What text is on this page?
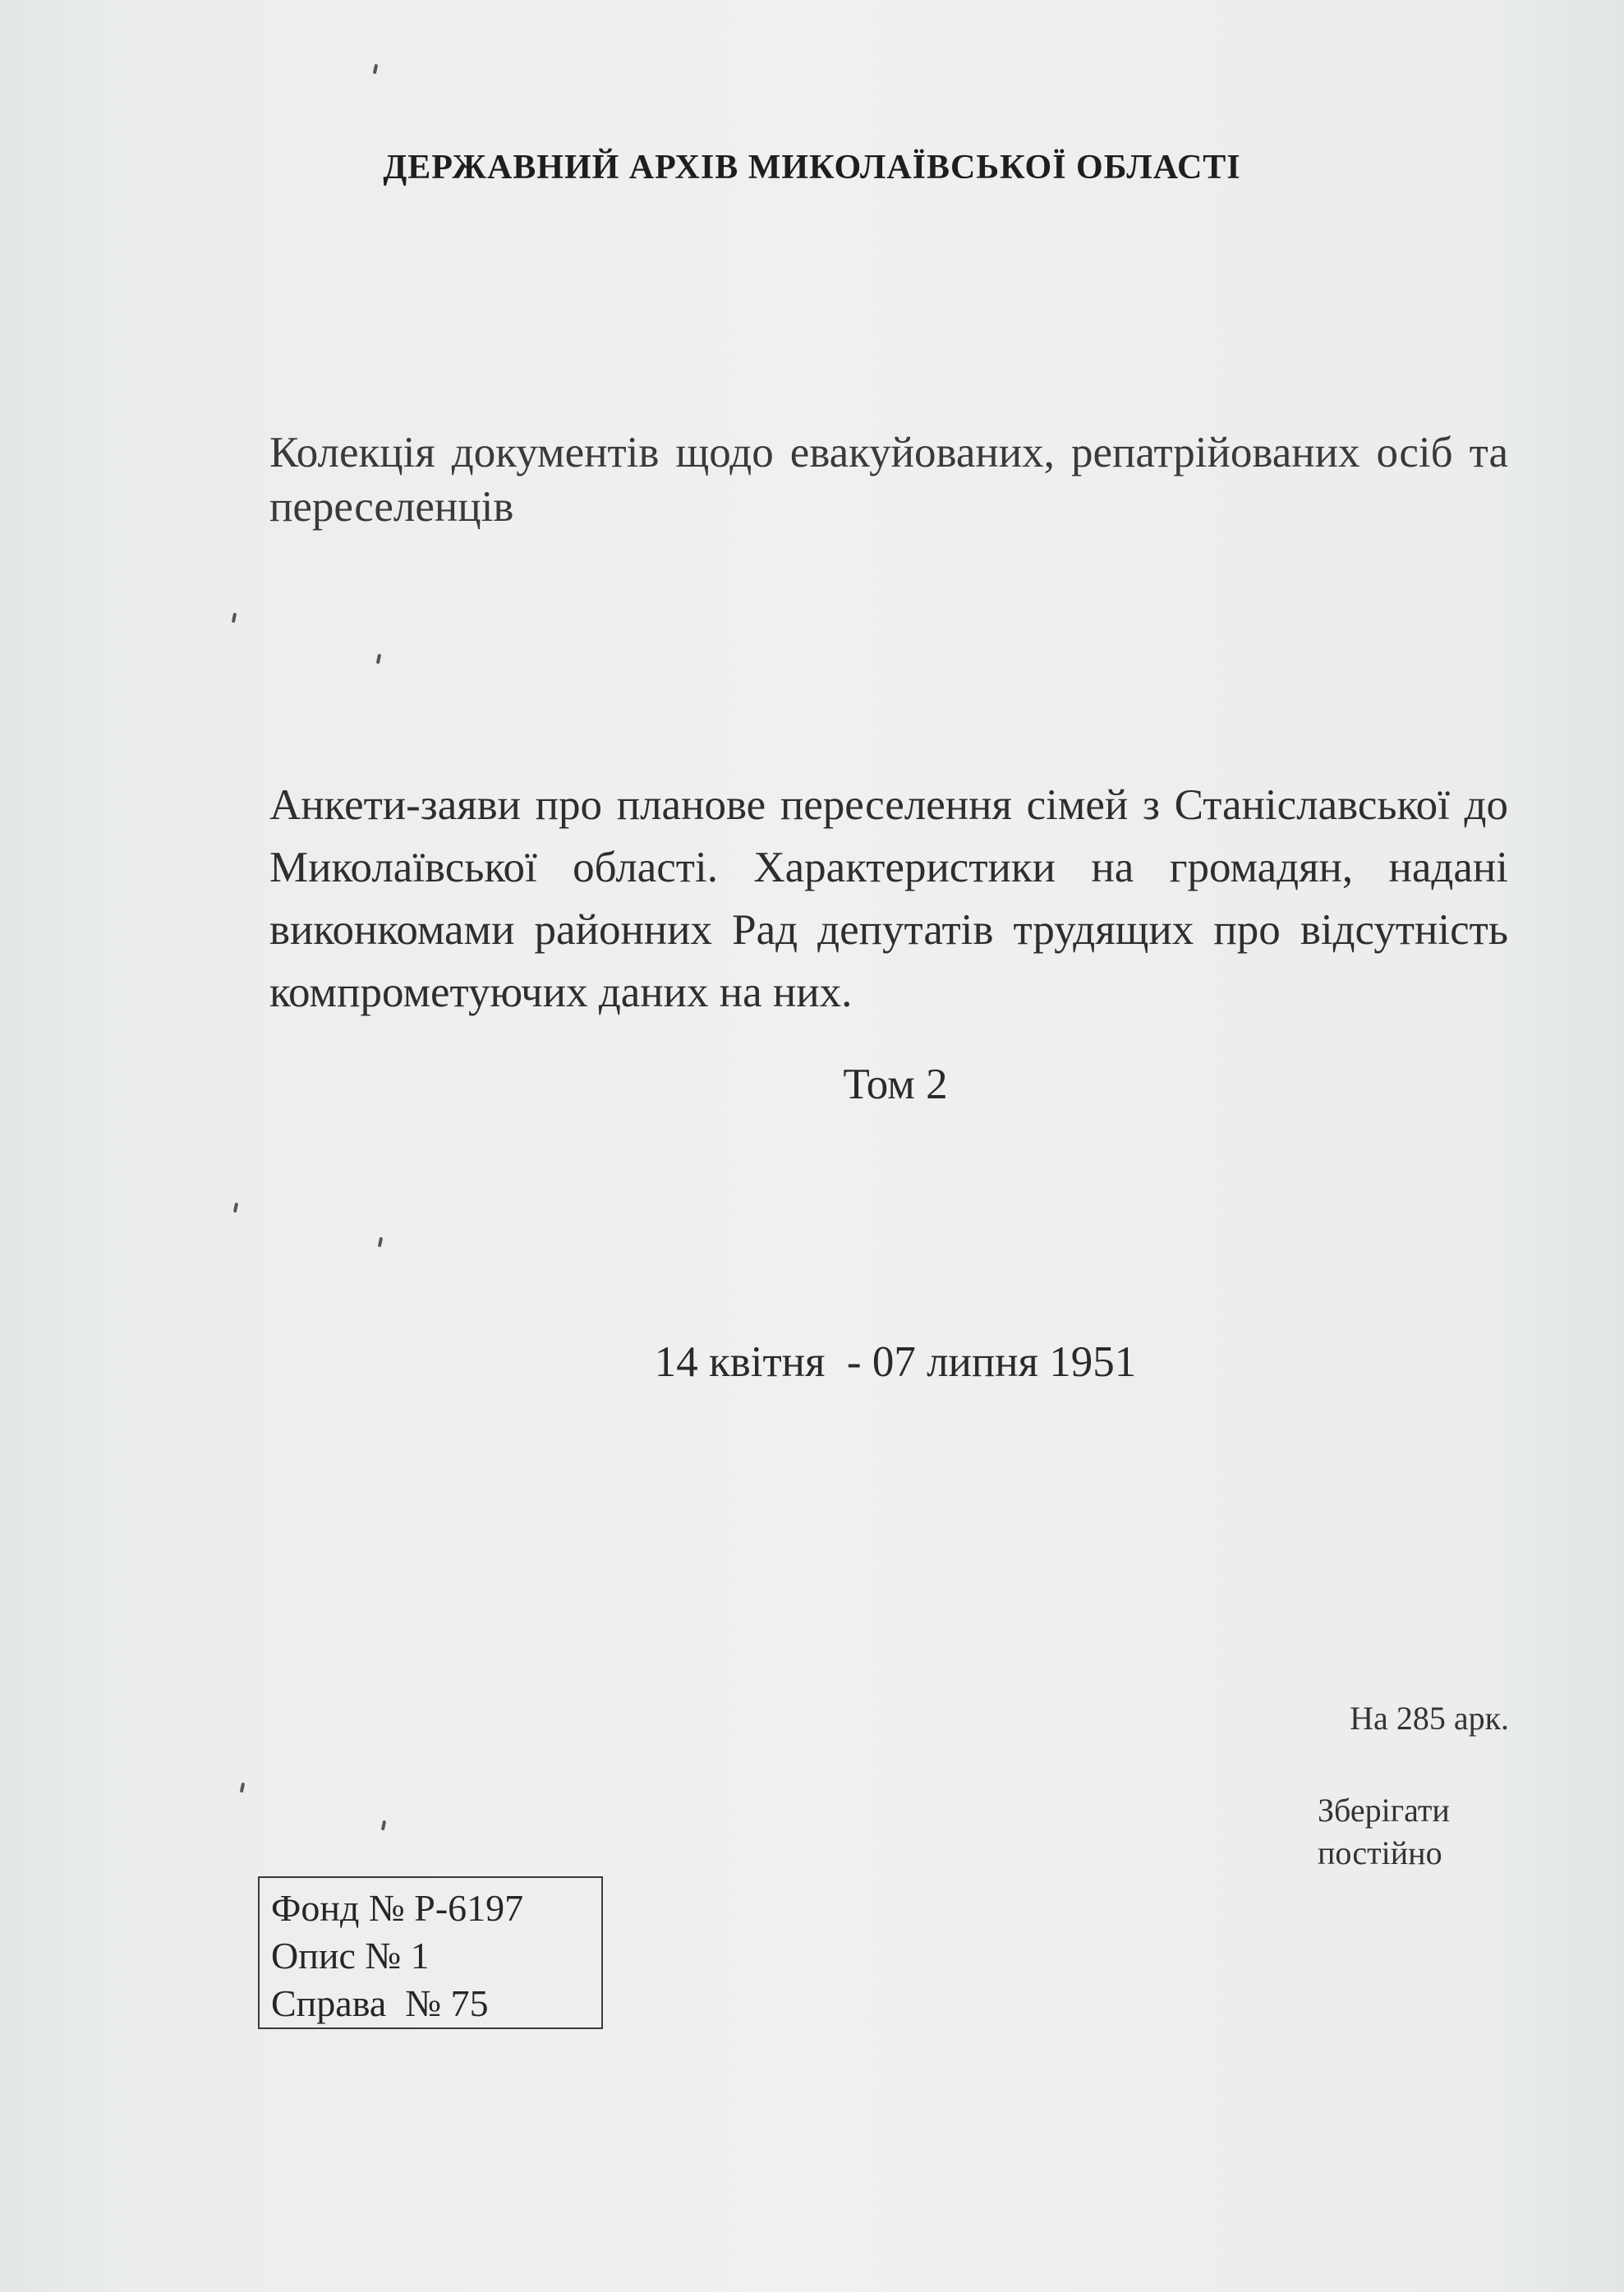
ДЕРЖАВНИЙ АРХІВ МИКОЛАЇВСЬКОЇ ОБЛАСТІ

Колекція документів щодо евакуйованих, репатрійованих осіб та переселенців

Анкети-заяви про планове переселення сімей з Станіславської до Миколаївської області. Характеристики на громадян, надані виконкомами районних Рад депутатів трудящих про відсутність компрометуючих даних на них.

Том 2

14 квітня  - 07 липня 1951

На 285 арк.

Зберігати
постійно
Фонд № Р-6197
Опис № 1
Справа  № 75
